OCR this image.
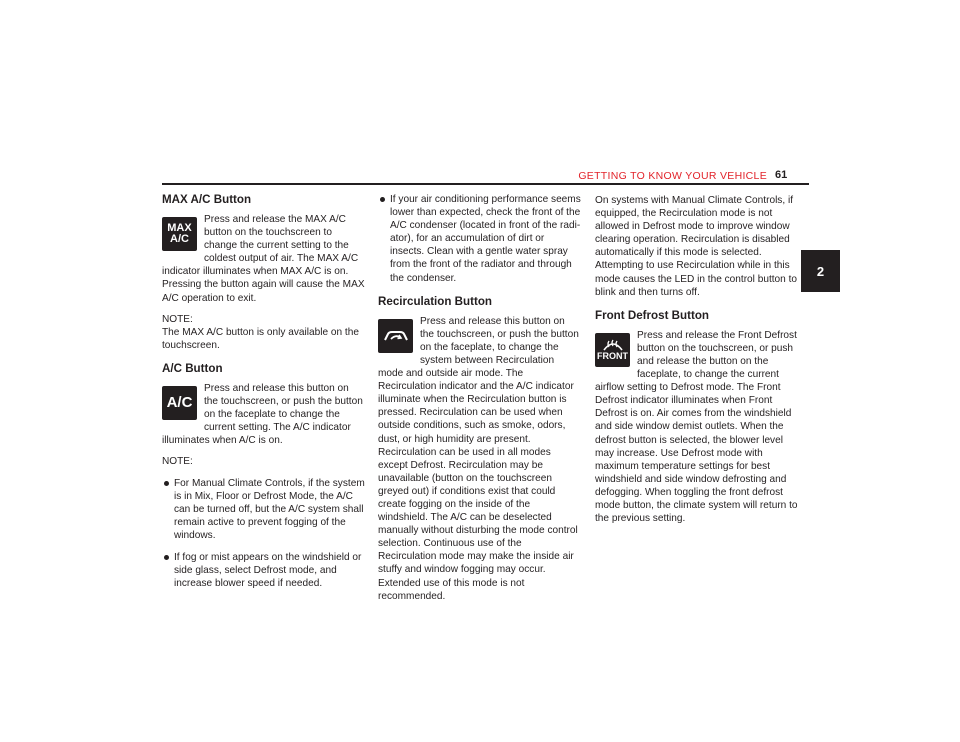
GETTING TO KNOW YOUR VEHICLE 61
2
MAX A/C Button
MAX
A/C

Press and release the MAX A/C button on the touchscreen to change the current setting to the coldest output of air. The MAX A/C indicator illuminates when MAX A/C is on. Pressing the button again will cause the MAX A/C operation to exit.

NOTE:

The MAX A/C button is only available on the touchscreen.

A/C Button
A/C

Press and release this button on the touchscreen, or push the button on the faceplate to change the current setting. The A/C indicator illuminates when A/C is on.

NOTE:

For Manual Climate Controls, if the system is in Mix, Floor or Defrost Mode, the A/C can be turned off, but the A/C system shall remain active to prevent fogging of the windows.
If fog or mist appears on the windshield or side glass, select Defrost mode, and increase blower speed if needed.
If your air conditioning performance seems lower than expected, check the front of the A/C condenser (located in front of the radi-ator), for an accumulation of dirt or insects. Clean with a gentle water spray from the front of the radiator and through the condenser.
Recirculation Button

Press and release this button on the touchscreen, or push the button on the faceplate, to change the system between Recirculation mode and outside air mode. The Recirculation indicator and the A/C indicator illuminate when the Recirculation button is pressed. Recirculation can be used when outside conditions, such as smoke, odors, dust, or high humidity are present. Recirculation can be used in all modes except Defrost. Recirculation may be unavailable (button on the touchscreen greyed out) if conditions exist that could create fogging on the inside of the windshield. The A/C can be deselected manually without disturbing the mode control selection. Continuous use of the Recirculation mode may make the inside air stuffy and window fogging may occur. Extended use of this mode is not recommended.

On systems with Manual Climate Controls, if equipped, the Recirculation mode is not allowed in Defrost mode to improve window clearing operation. Recirculation is disabled automatically if this mode is selected. Attempting to use Recirculation while in this mode causes the LED in the control button to blink and then turns off.

Front Defrost Button
FRONT

Press and release the Front Defrost button on the touchscreen, or push and release the button on the faceplate, to change the current airflow setting to Defrost mode. The Front Defrost indicator illuminates when Front Defrost is on. Air comes from the windshield and side window demist outlets. When the defrost button is selected, the blower level may increase. Use Defrost mode with maximum temperature settings for best windshield and side window defrosting and defogging. When toggling the front defrost mode button, the climate system will return to the previous setting.
